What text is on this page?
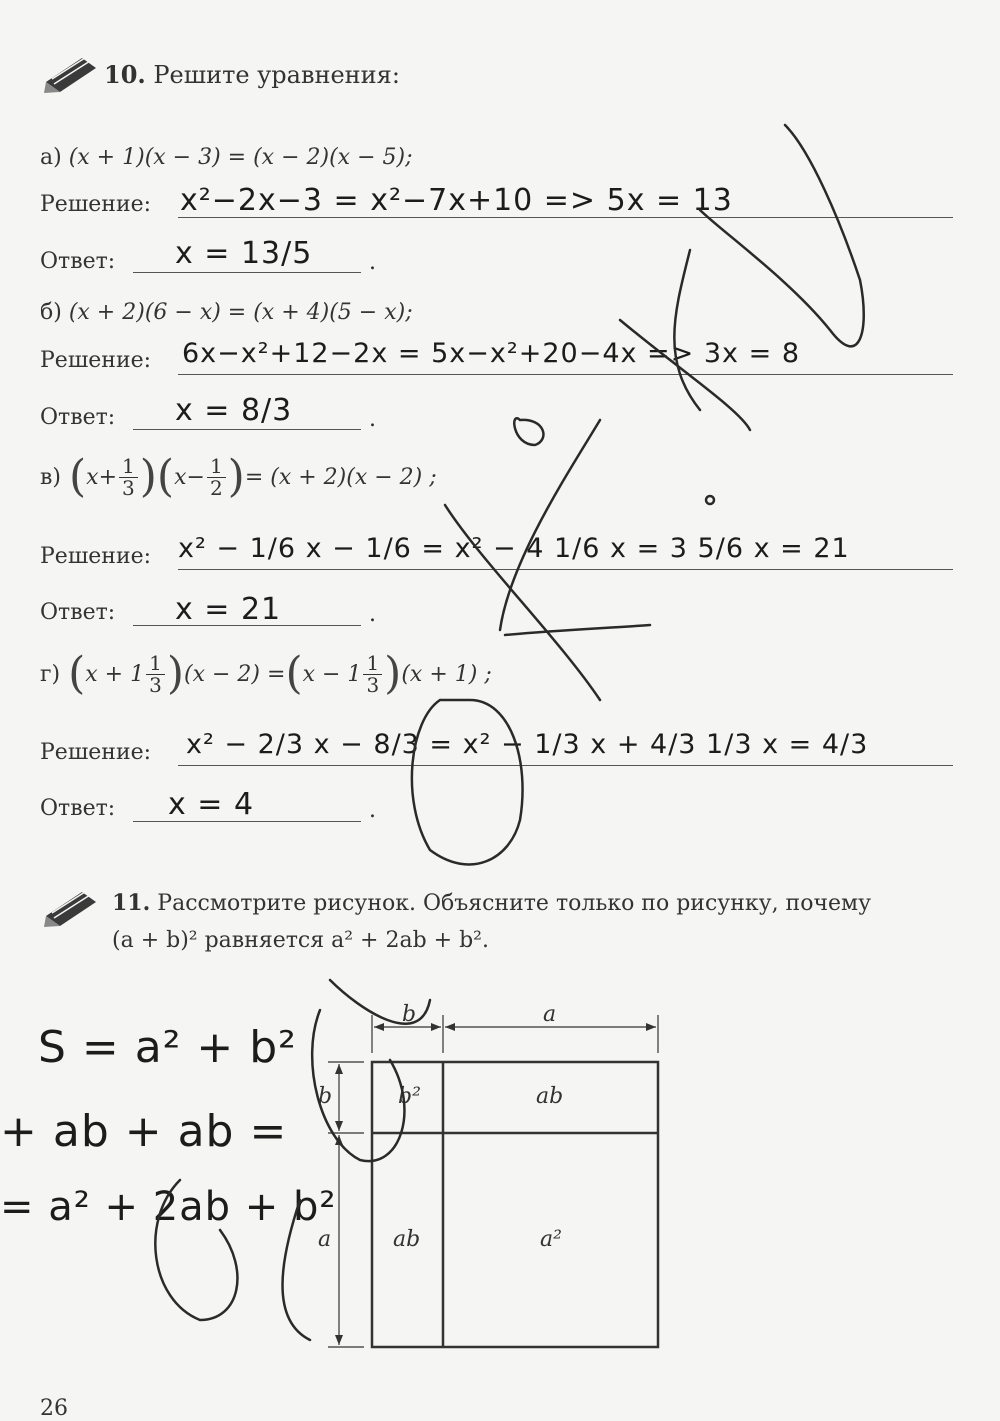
10. Решите уравнения:
а) (x + 1)(x − 3) = (x − 2)(x − 5);
Решение: x²−2x−3 = x²−7x+10 => 5x = 13
Ответ: x = 13/5	.
б) (x + 2)(6 − x) = (x + 4)(5 − x);
Решение: 6x−x²+12−2x = 5x−x²+20−4x => 3x = 8
Ответ: x = 8/3	.
в) ( $x + \frac{1}{3}$ ) ( $x - \frac{1}{2}$ ) = (x + 2)(x − 2) ;
Решение: x² − 1/6 x − 1/6 = x² − 4 1/6 x = 3 5/6 x = 21
Ответ: x = 21	.
г) ( $x + 1 \frac{1}{3}$ ) (x − 2) = ( $x - 1 \frac{1}{3}$ ) (x + 1) ;
Решение: x² − 2/3 x − 8/3 = x² − 1/3 x + 4/3 1/3 x = 4/3
Ответ: x = 4	.
11. Рассмотрите рисунок. Объясните только по рисунку, почему
(a + b)² равняется a² + 2ab + b².
S = a² + b²
+ ab + ab =
= a² + 2ab + b²
b	a
b
a
b²	ab
ab	a²
26
